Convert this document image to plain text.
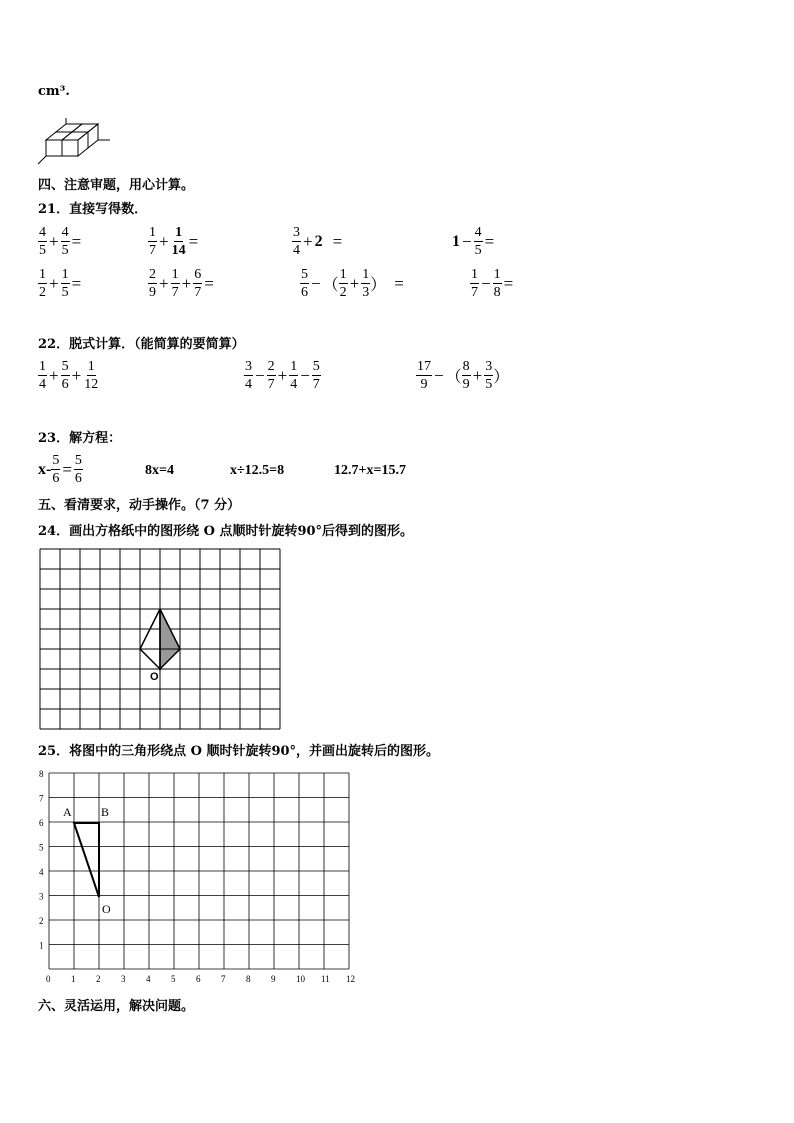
cm³.
四、注意审题，用心计算。
21．直接写得数．
$\frac{4}{5} + \frac{4}{5}$ =	$\frac{1}{7} + \frac{1}{14}$ =	$\frac{3}{4} + 2$ =	$1 - \frac{4}{5}$ =
$\frac{1}{2} + \frac{1}{5}$ =	$\frac{2}{9} + \frac{1}{7} + \frac{6}{7}$ =	$\frac{5}{6}$ − （ $\frac{1}{2} + \frac{1}{3}$ ） =	$\frac{1}{7} - \frac{1}{8}$ =
22．脱式计算．（能简算的要简算）
$\frac{1}{4} + \frac{5}{6} + \frac{1}{12}$	$\frac{3}{4} - \frac{2}{7} + \frac{1}{4} - \frac{5}{7}$	$\frac{17}{9}$ − （ $\frac{8}{9} + \frac{3}{5}$ ）
23．解方程：
$x- \frac{5}{6} = \frac{5}{6}$	8x=4	x÷12.5=8	12.7+x=15.7
五、看清要求，动手操作。（7 分）
24．画出方格纸中的图形绕 O 点顺时针旋转90°后得到的图形。
O
25．将图中的三角形绕点 O 顺时针旋转90°，并画出旋转后的图形。
0 1 2 3 4 5 6 7 8 9 10 11 12
1
2
3
4
5
6
7
8
A B
O
六、灵活运用，解决问题。
